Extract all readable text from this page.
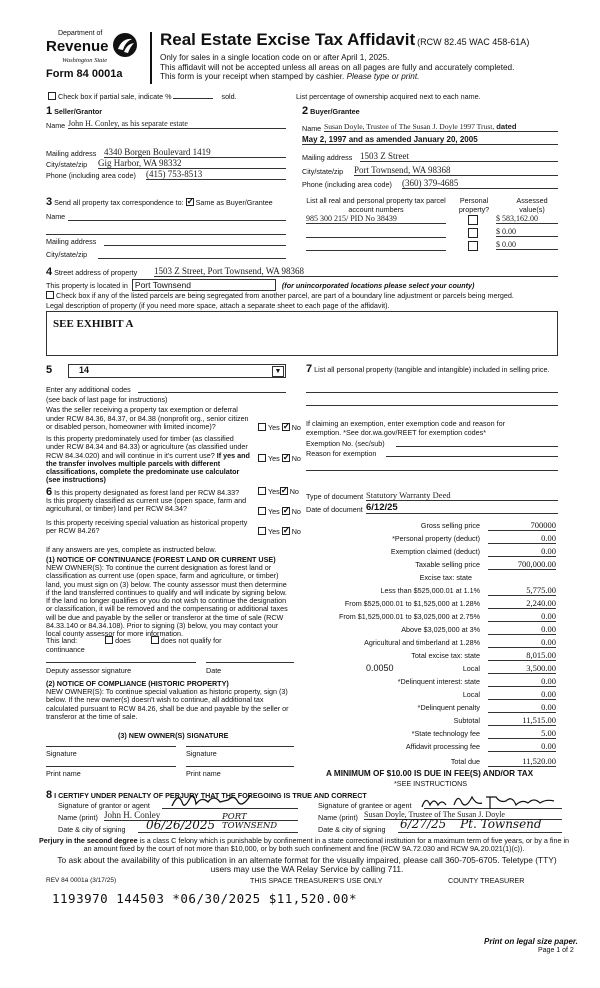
Department of
Revenue
Washington State
Form 84 0001a
Real Estate Excise Tax Affidavit (RCW 82.45 WAC 458-61A)
Only for sales in a single location code on or after April 1, 2025.
This affidavit will not be accepted unless all areas on all pages are fully and accurately completed.
This form is your receipt when stamped by cashier. Please type or print.
Check box if partial sale, indicate %	sold.	List percentage of ownership acquired next to each name.
1 Seller/Grantor
Name John H. Conley, as his separate estate
Mailing address 4340 Borgen Boulevard 1419
City/state/zip Gig Harbor, WA 98332
Phone (including area code) (415) 753-8513
2 Buyer/Grantee
Name Susan Doyle, Trustee of The Susan J. Doyle 1997 Trust, dated
May 2, 1997 and as amended January 20, 2005
Mailing address 1503 Z Street
City/state/zip Port Townsend, WA 98368
Phone (including area code) (360) 379-4685
3 Send all property tax correspondence to: ✓ Same as Buyer/Grantee
Name
Mailing address
City/state/zip
List all real and personal property tax parcel account numbers
Personal property?
Assessed value(s)
985 300 215/ PID No 38439	$ 583,162.00
$ 0.00
$ 0.00
4 Street address of property 1503 Z Street, Port Townsend, WA 98368
This property is located in Port Townsend	(for unincorporated locations please select your county)
Check box if any of the listed parcels are being segregated from another parcel, are part of a boundary line adjustment or parcels being merged.
Legal description of property (if you need more space, attach a separate sheet to each page of the affidavit).
SEE EXHIBIT A
5	14	▼
Enter any additional codes
(see back of last page for instructions)
Was the seller receiving a property tax exemption or deferral under RCW 84.36, 84.37, or 84.38 (nonprofit org., senior citizen or disabled person, homeowner with limited income)?	Yes ✓ No
Is this property predominately used for timber (as classified under RCW 84.34 and 84.33) or agriculture (as classified under RCW 84.34.020) and will continue in it's current use? If yes and the transfer involves multiple parcels with different classifications, complete the predominate use calculator (see instructions)
Yes ✓ No
6 Is this property designated as forest land per RCW 84.33?	Yes ✓ No
Is this property classified as current use (open space, farm and agricultural, or timber) land per RCW 84.34?	Yes ✓ No
Is this property receiving special valuation as historical property per RCW 84.26?	Yes ✓ No
If any answers are yes, complete as instructed below.
(1) NOTICE OF CONTINUANCE (FOREST LAND OR CURRENT USE)
NEW OWNER(S): To continue the current designation as forest land or classification as current use (open space, farm and agriculture, or timber) land, you must sign on (3) below. The county assessor must then determine if the land transferred continues to qualify and will indicate by signing below. If the land no longer qualifies or you do not wish to continue the designation or classification, it will be removed and the compensating or additional taxes will be due and payable by the seller or transferor at the time of sale (RCW 84.33.140 or 84.34.108). Prior to signing (3) below, you may contact your local county assessor for more information.
This land:	does	does not qualify for
continuance
Deputy assessor signature	Date
(2) NOTICE OF COMPLIANCE (HISTORIC PROPERTY)
NEW OWNER(S): To continue special valuation as historic property, sign (3) below. If the new owner(s) doesn't wish to continue, all additional tax calculated pursuant to RCW 84.26, shall be due and payable by the seller or transferor at the time of sale.
(3) NEW OWNER(S) SIGNATURE
Signature	Signature
Print name	Print name
7 List all personal property (tangible and intangible) included in selling price.
If claiming an exemption, enter exemption code and reason for exemption. *See dor.wa.gov/REET for exemption codes*
Exemption No. (sec/sub)
Reason for exemption
Type of document Statutory Warranty Deed
Date of document 6/12/25
Gross selling price	700000
*Personal property (deduct)	0.00
Exemption claimed (deduct)	0.00
Taxable selling price	700,000.00
Excise tax: state
Less than $525,000.01 at 1.1%	5,775.00
From $525,000.01 to $1,525,000 at 1.28%	2,240.00
From $1,525,000.01 to $3,025,000 at 2.75%	0.00
Above $3,025,000 at 3%	0.00
Agricultural and timberland at 1.28%	0.00
Total excise tax: state	8,015.00
0.0050	Local	3,500.00
*Delinquent interest: state	0.00
Local	0.00
*Delinquent penalty	0.00
Subtotal	11,515.00
*State technology fee	5.00
Affidavit processing fee	0.00
Total due	11,520.00
A MINIMUM OF $10.00 IS DUE IN FEE(S) AND/OR TAX
*SEE INSTRUCTIONS
8 I CERTIFY UNDER PENALTY OF PERJURY THAT THE FOREGOING IS TRUE AND CORRECT
Signature of grantor or agent
Name (print) John H. Conley
Date & city of signing	06/26/2025
PORT TOWNSEND
Signature of grantee or agent
Name (print) Susan Doyle, Trustee of The Susan J. Doyle
Date & city of signing	6/27/25 Pt. Townsend
Perjury in the second degree is a class C felony which is punishable by confinement in a state correctional institution for a maximum term of five years, or by a fine in an amount fixed by the court of not more than $10,000, or by both such confinement and fine (RCW 9A.72.030 and RCW 9A.20.021(1)(c)).
To ask about the availability of this publication in an alternate format for the visually impaired, please call 360-705-6705. Teletype (TTY) users may use the WA Relay Service by calling 711.
REV 84 0001a (3/17/25)	THIS SPACE TREASURER'S USE ONLY	COUNTY TREASURER
1193970 144503 *06/30/2025 $11,520.00*
Print on legal size paper.
Page 1 of 2
